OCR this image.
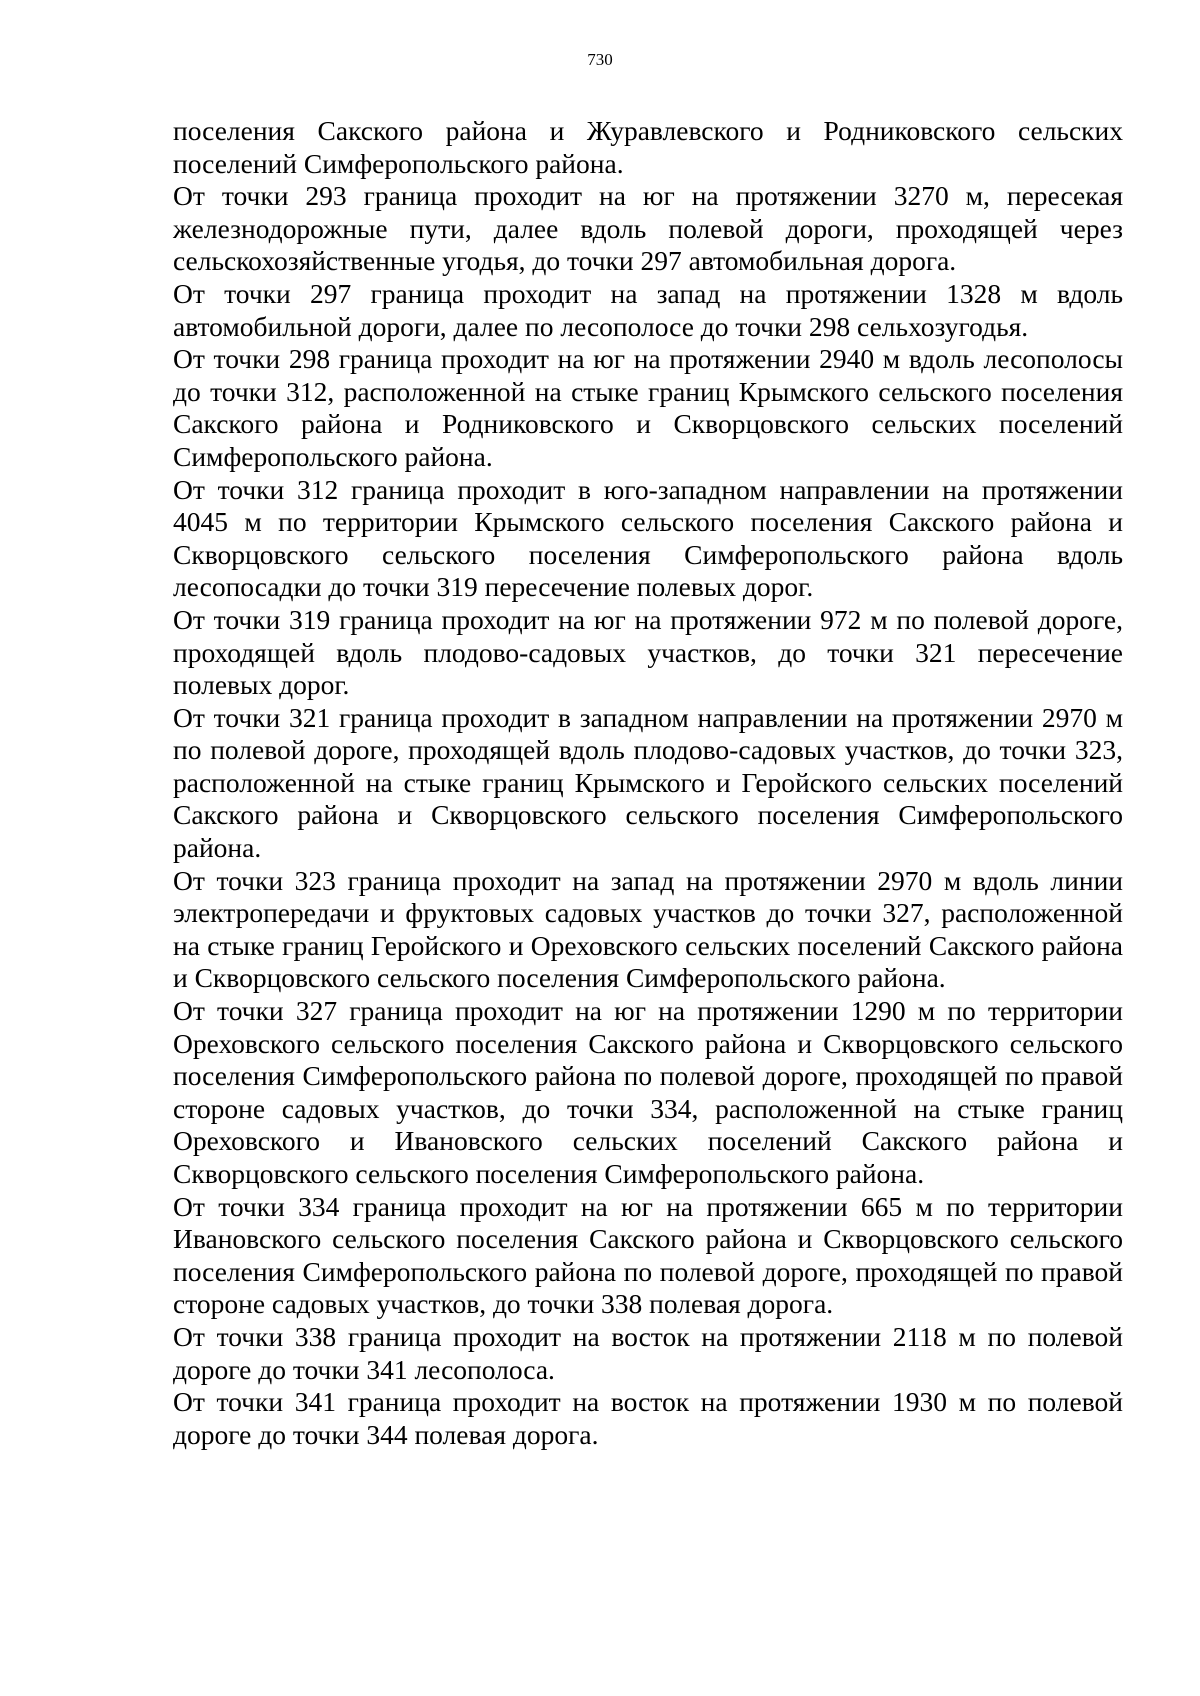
730

поселения Сакского района и Журавлевского и Родниковского сельских поселений Симферопольского района.

От точки 293 граница проходит на юг на протяжении 3270 м, пересекая железнодорожные пути, далее вдоль полевой дороги, проходящей через сельскохозяйственные угодья, до точки 297 автомобильная дорога.

От точки 297 граница проходит на запад на протяжении 1328 м вдоль автомобильной дороги, далее по лесополосе до точки 298 сельхозугодья.

От точки 298 граница проходит на юг на протяжении 2940 м вдоль лесополосы до точки 312, расположенной на стыке границ Крымского сельского поселения Сакского района и Родниковского и Скворцовского сельских поселений Симферопольского района.

От точки 312 граница проходит в юго-западном направлении на протяжении 4045 м по территории Крымского сельского поселения Сакского района и Скворцовского сельского поселения Симферопольского района вдоль лесопосадки до точки 319 пересечение полевых дорог.

От точки 319 граница проходит на юг на протяжении 972 м по полевой дороге, проходящей вдоль плодово-садовых участков, до точки 321 пересечение полевых дорог.

От точки 321 граница проходит в западном направлении на протяжении 2970 м по полевой дороге, проходящей вдоль плодово-садовых участков, до точки 323, расположенной на стыке границ Крымского и Геройского сельских поселений Сакского района и Скворцовского сельского поселения Симферопольского района.

От точки 323 граница проходит на запад на протяжении 2970 м вдоль линии электропередачи и фруктовых садовых участков до точки 327, расположенной на стыке границ Геройского и Ореховского сельских поселений Сакского района и Скворцовского сельского поселения Симферопольского района.

От точки 327 граница проходит на юг на протяжении 1290 м по территории Ореховского сельского поселения Сакского района и Скворцовского сельского поселения Симферопольского района по полевой дороге, проходящей по правой стороне садовых участков, до точки 334, расположенной на стыке границ Ореховского и Ивановского сельских поселений Сакского района и Скворцовского сельского поселения Симферопольского района.

От точки 334 граница проходит на юг на протяжении 665 м по территории Ивановского сельского поселения Сакского района и Скворцовского сельского поселения Симферопольского района по полевой дороге, проходящей по правой стороне садовых участков, до точки 338 полевая дорога.

От точки 338 граница проходит на восток на протяжении 2118 м по полевой дороге до точки 341 лесополоса.

От точки 341 граница проходит на восток на протяжении 1930 м по полевой дороге до точки 344 полевая дорога.
